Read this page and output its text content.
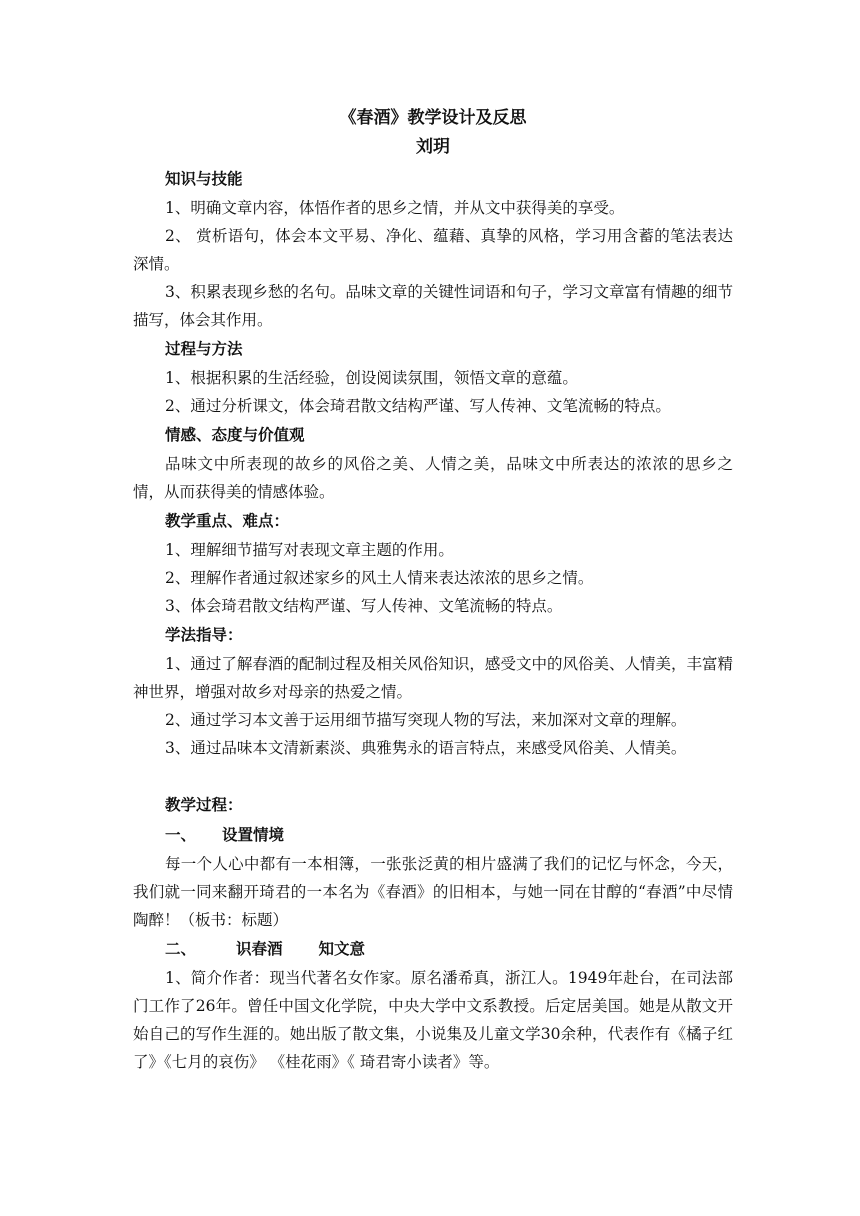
《春酒》教学设计及反思

刘玥

知识与技能

1、明确文章内容，体悟作者的思乡之情，并从文中获得美的享受。

2、 赏析语句，体会本文平易、净化、蕴藉、真挚的风格，学习用含蓄的笔法表达深情。

3、积累表现乡愁的名句。品味文章的关键性词语和句子，学习文章富有情趣的细节描写，体会其作用。

过程与方法

1、根据积累的生活经验，创设阅读氛围，领悟文章的意蕴。

2、通过分析课文，体会琦君散文结构严谨、写人传神、文笔流畅的特点。

情感、态度与价值观

品味文中所表现的故乡的风俗之美、人情之美，品味文中所表达的浓浓的思乡之情，从而获得美的情感体验。

教学重点、难点：

1、理解细节描写对表现文章主题的作用。

2、理解作者通过叙述家乡的风土人情来表达浓浓的思乡之情。

3、体会琦君散文结构严谨、写人传神、文笔流畅的特点。

学法指导：

1、通过了解春酒的配制过程及相关风俗知识，感受文中的风俗美、人情美，丰富精神世界，增强对故乡对母亲的热爱之情。

2、通过学习本文善于运用细节描写突现人物的写法，来加深对文章的理解。

3、通过品味本文清新素淡、典雅隽永的语言特点，来感受风俗美、人情美。

教学过程：

一、 设置情境

每一个人心中都有一本相簿，一张张泛黄的相片盛满了我们的记忆与怀念，今天，我们就一同来翻开琦君的一本名为《春酒》的旧相本，与她一同在甘醇的“春酒”中尽情陶醉！（板书：标题）

二、	识春酒 知文意

1、简介作者：现当代著名女作家。原名潘希真，浙江人。1949年赴台，在司法部门工作了26年。曾任中国文化学院，中央大学中文系教授。后定居美国。她是从散文开始自己的写作生涯的。她出版了散文集，小说集及儿童文学30余种，代表作有《橘子红了》《七月的哀伤》 《桂花雨》《 琦君寄小读者》等。
